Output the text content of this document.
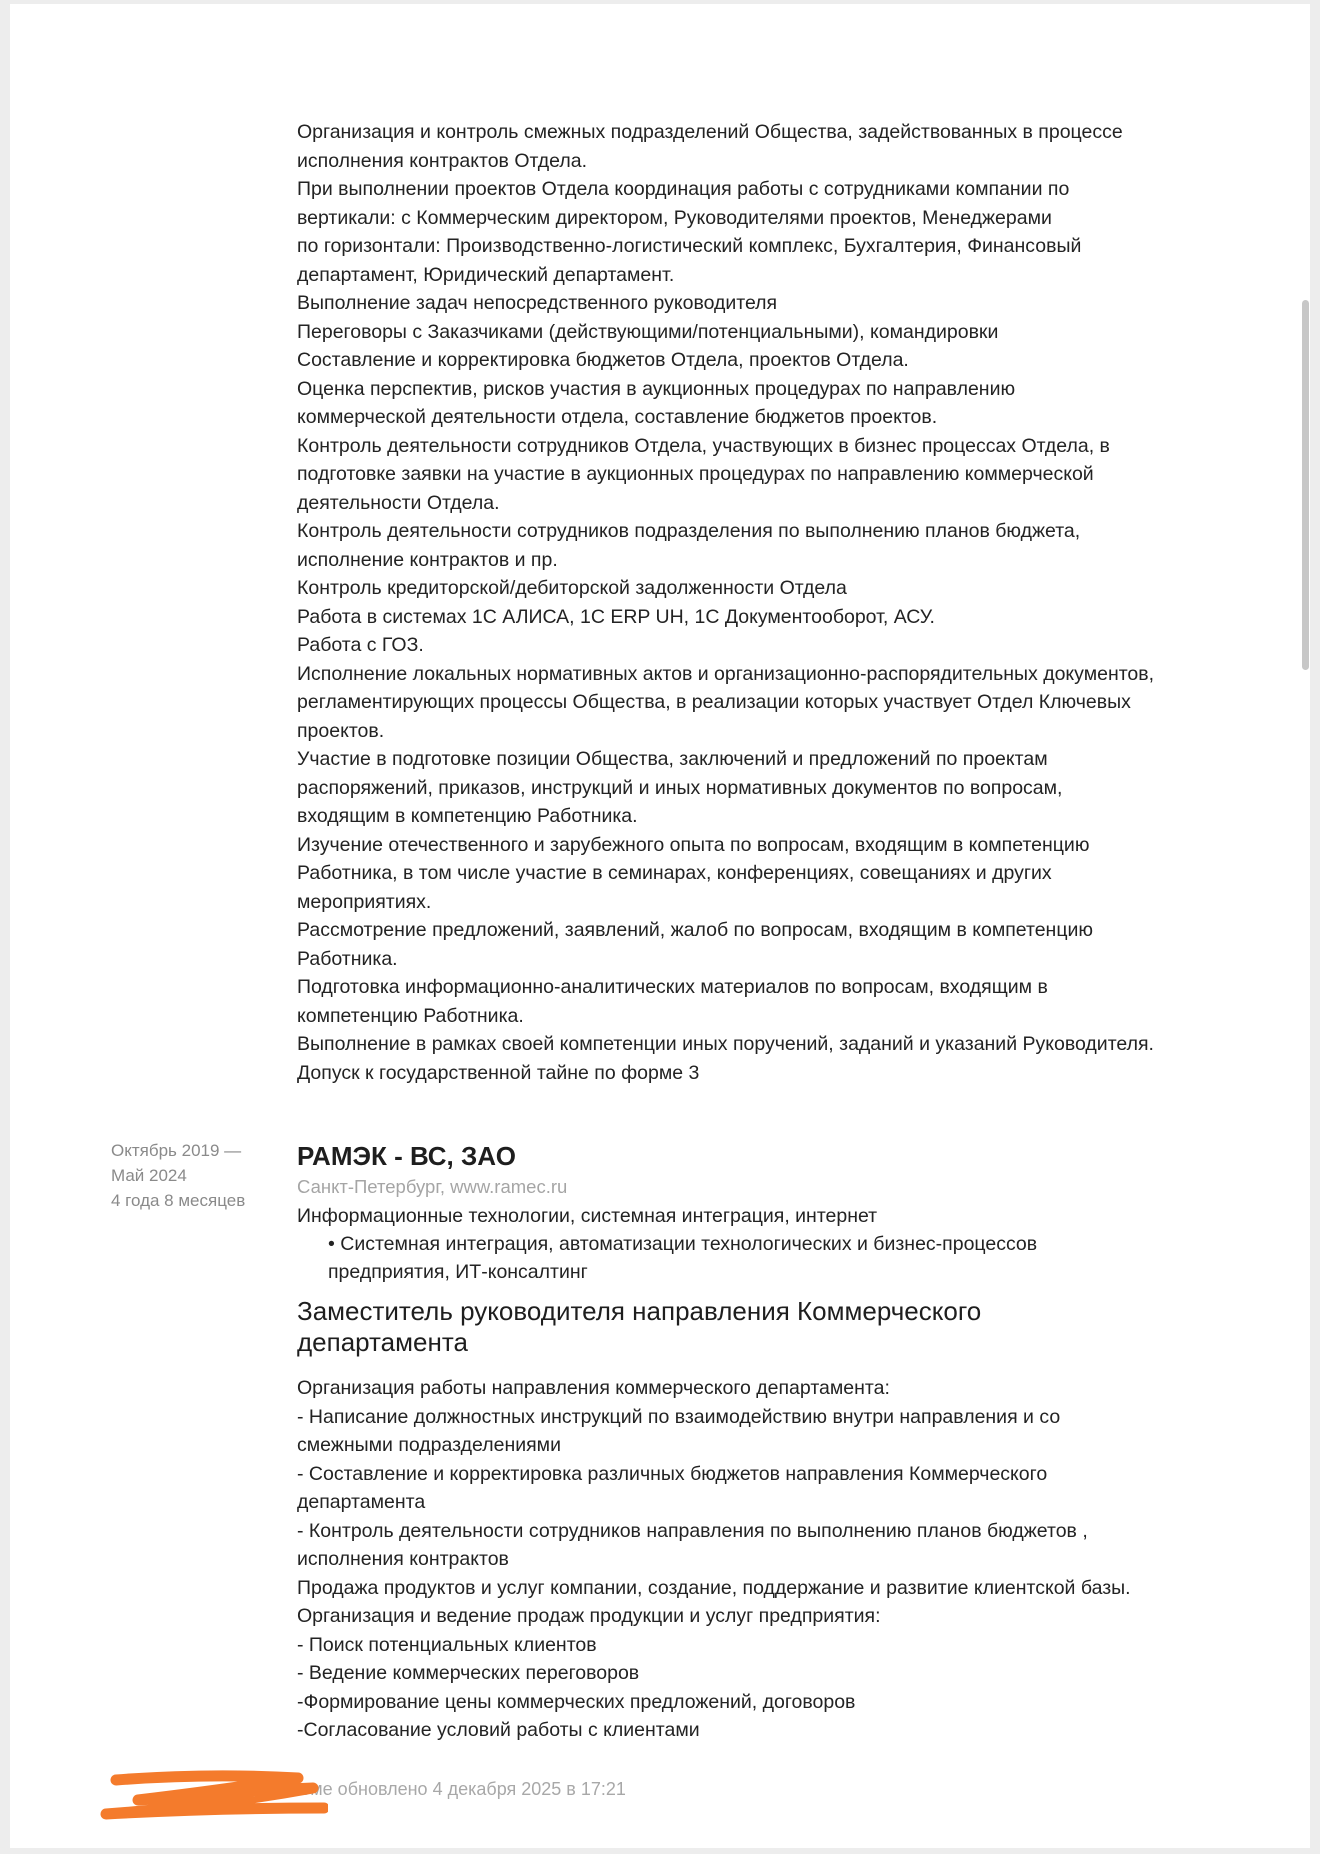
Организация и контроль смежных подразделений Общества, задействованных в процессе
исполнения контрактов Отдела.
При выполнении проектов Отдела координация работы с сотрудниками компании по
вертикали: с Коммерческим директором, Руководителями проектов, Менеджерами
по горизонтали: Производственно-логистический комплекс, Бухгалтерия, Финансовый
департамент, Юридический департамент.
Выполнение задач непосредственного руководителя
Переговоры с Заказчиками (действующими/потенциальными), командировки
Составление и корректировка бюджетов Отдела, проектов Отдела.
Оценка перспектив, рисков участия в аукционных процедурах по направлению
коммерческой деятельности отдела, составление бюджетов проектов.
Контроль деятельности сотрудников Отдела, участвующих в бизнес процессах Отдела, в
подготовке заявки на участие в аукционных процедурах по направлению коммерческой
деятельности Отдела.
Контроль деятельности сотрудников подразделения по выполнению планов бюджета,
исполнение контрактов и пр.
Контроль кредиторской/дебиторской задолженности Отдела
Работа в системах 1С АЛИСА, 1С ERP UH, 1С Документооборот, АСУ.
Работа с ГОЗ.
Исполнение локальных нормативных актов и организационно-распорядительных документов,
регламентирующих процессы Общества, в реализации которых участвует Отдел Ключевых
проектов.
Участие в подготовке позиции Общества, заключений и предложений по проектам
распоряжений, приказов, инструкций и иных нормативных документов по вопросам,
входящим в компетенцию Работника.
Изучение отечественного и зарубежного опыта по вопросам, входящим в компетенцию
Работника, в том числе участие в семинарах, конференциях, совещаниях и других
мероприятиях.
Рассмотрение предложений, заявлений, жалоб по вопросам, входящим в компетенцию
Работника.
Подготовка информационно-аналитических материалов по вопросам, входящим в
компетенцию Работника.
Выполнение в рамках своей компетенции иных поручений, заданий и указаний Руководителя.
Допуск к государственной тайне по форме 3
Октябрь 2019 —
Май 2024
4 года 8 месяцев
РАМЭК - ВС, ЗАО
Санкт-Петербург, www.ramec.ru
Информационные технологии, системная интеграция, интернет
• Системная интеграция, автоматизации технологических и бизнес-процессов
предприятия, ИТ-консалтинг
Заместитель руководителя направления Коммерческого
департамента
Организация работы направления коммерческого департамента:
- Написание должностных инструкций по взаимодействию внутри направления и со
смежными подразделениями
- Составление и корректировка различных бюджетов направления Коммерческого
департамента
- Контроль деятельности сотрудников направления по выполнению планов бюджетов ,
исполнения контрактов
Продажа продуктов и услуг компании, создание, поддержание и развитие клиентской базы.
Организация и ведение продаж продукции и услуг предприятия:
- Поиск потенциальных клиентов
- Ведение коммерческих переговоров
-Формирование цены коммерческих предложений, договоров
-Согласование условий работы с клиентами
юме обновлено 4 декабря 2025 в 17:21
